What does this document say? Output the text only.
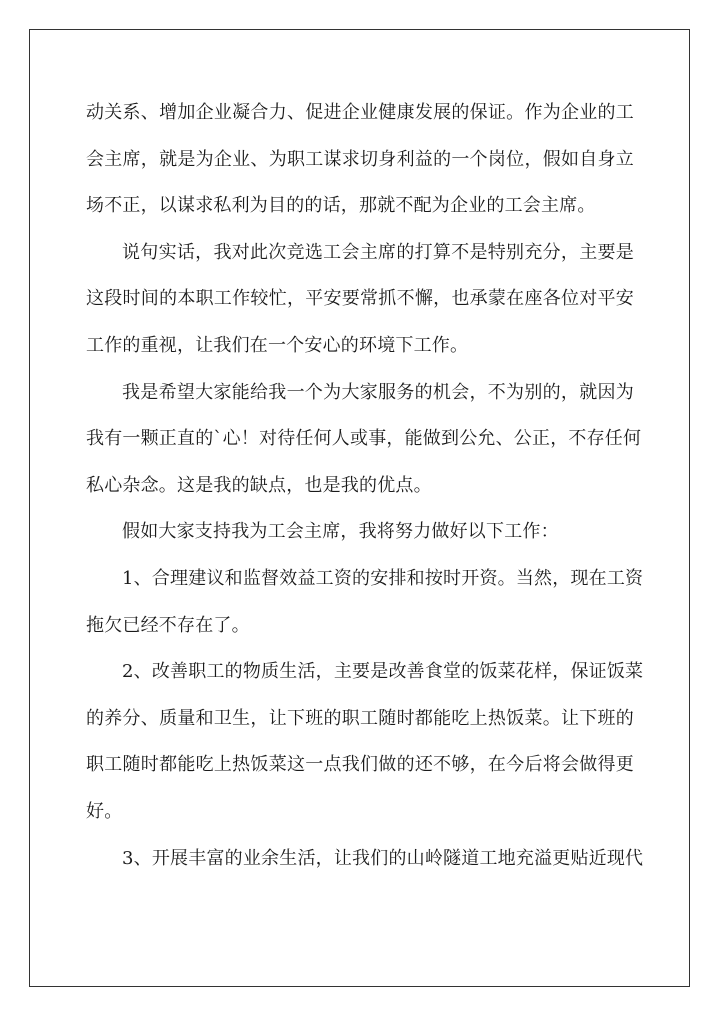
动关系、增加企业凝合力、促进企业健康发展的保证。作为企业的工
会主席，就是为企业、为职工谋求切身利益的一个岗位，假如自身立
场不正，以谋求私利为目的的话，那就不配为企业的工会主席。
说句实话，我对此次竞选工会主席的打算不是特别充分，主要是
这段时间的本职工作较忙，平安要常抓不懈，也承蒙在座各位对平安
工作的重视，让我们在一个安心的环境下工作。
我是希望大家能给我一个为大家服务的机会，不为别的，就因为
我有一颗正直的`心！对待任何人或事，能做到公允、公正，不存任何
私心杂念。这是我的缺点，也是我的优点。
假如大家支持我为工会主席，我将努力做好以下工作：
1、合理建议和监督效益工资的安排和按时开资。当然，现在工资
拖欠已经不存在了。
2、改善职工的物质生活，主要是改善食堂的饭菜花样，保证饭菜
的养分、质量和卫生，让下班的职工随时都能吃上热饭菜。让下班的
职工随时都能吃上热饭菜这一点我们做的还不够，在今后将会做得更
好。
3、开展丰富的业余生活，让我们的山岭隧道工地充溢更贴近现代
